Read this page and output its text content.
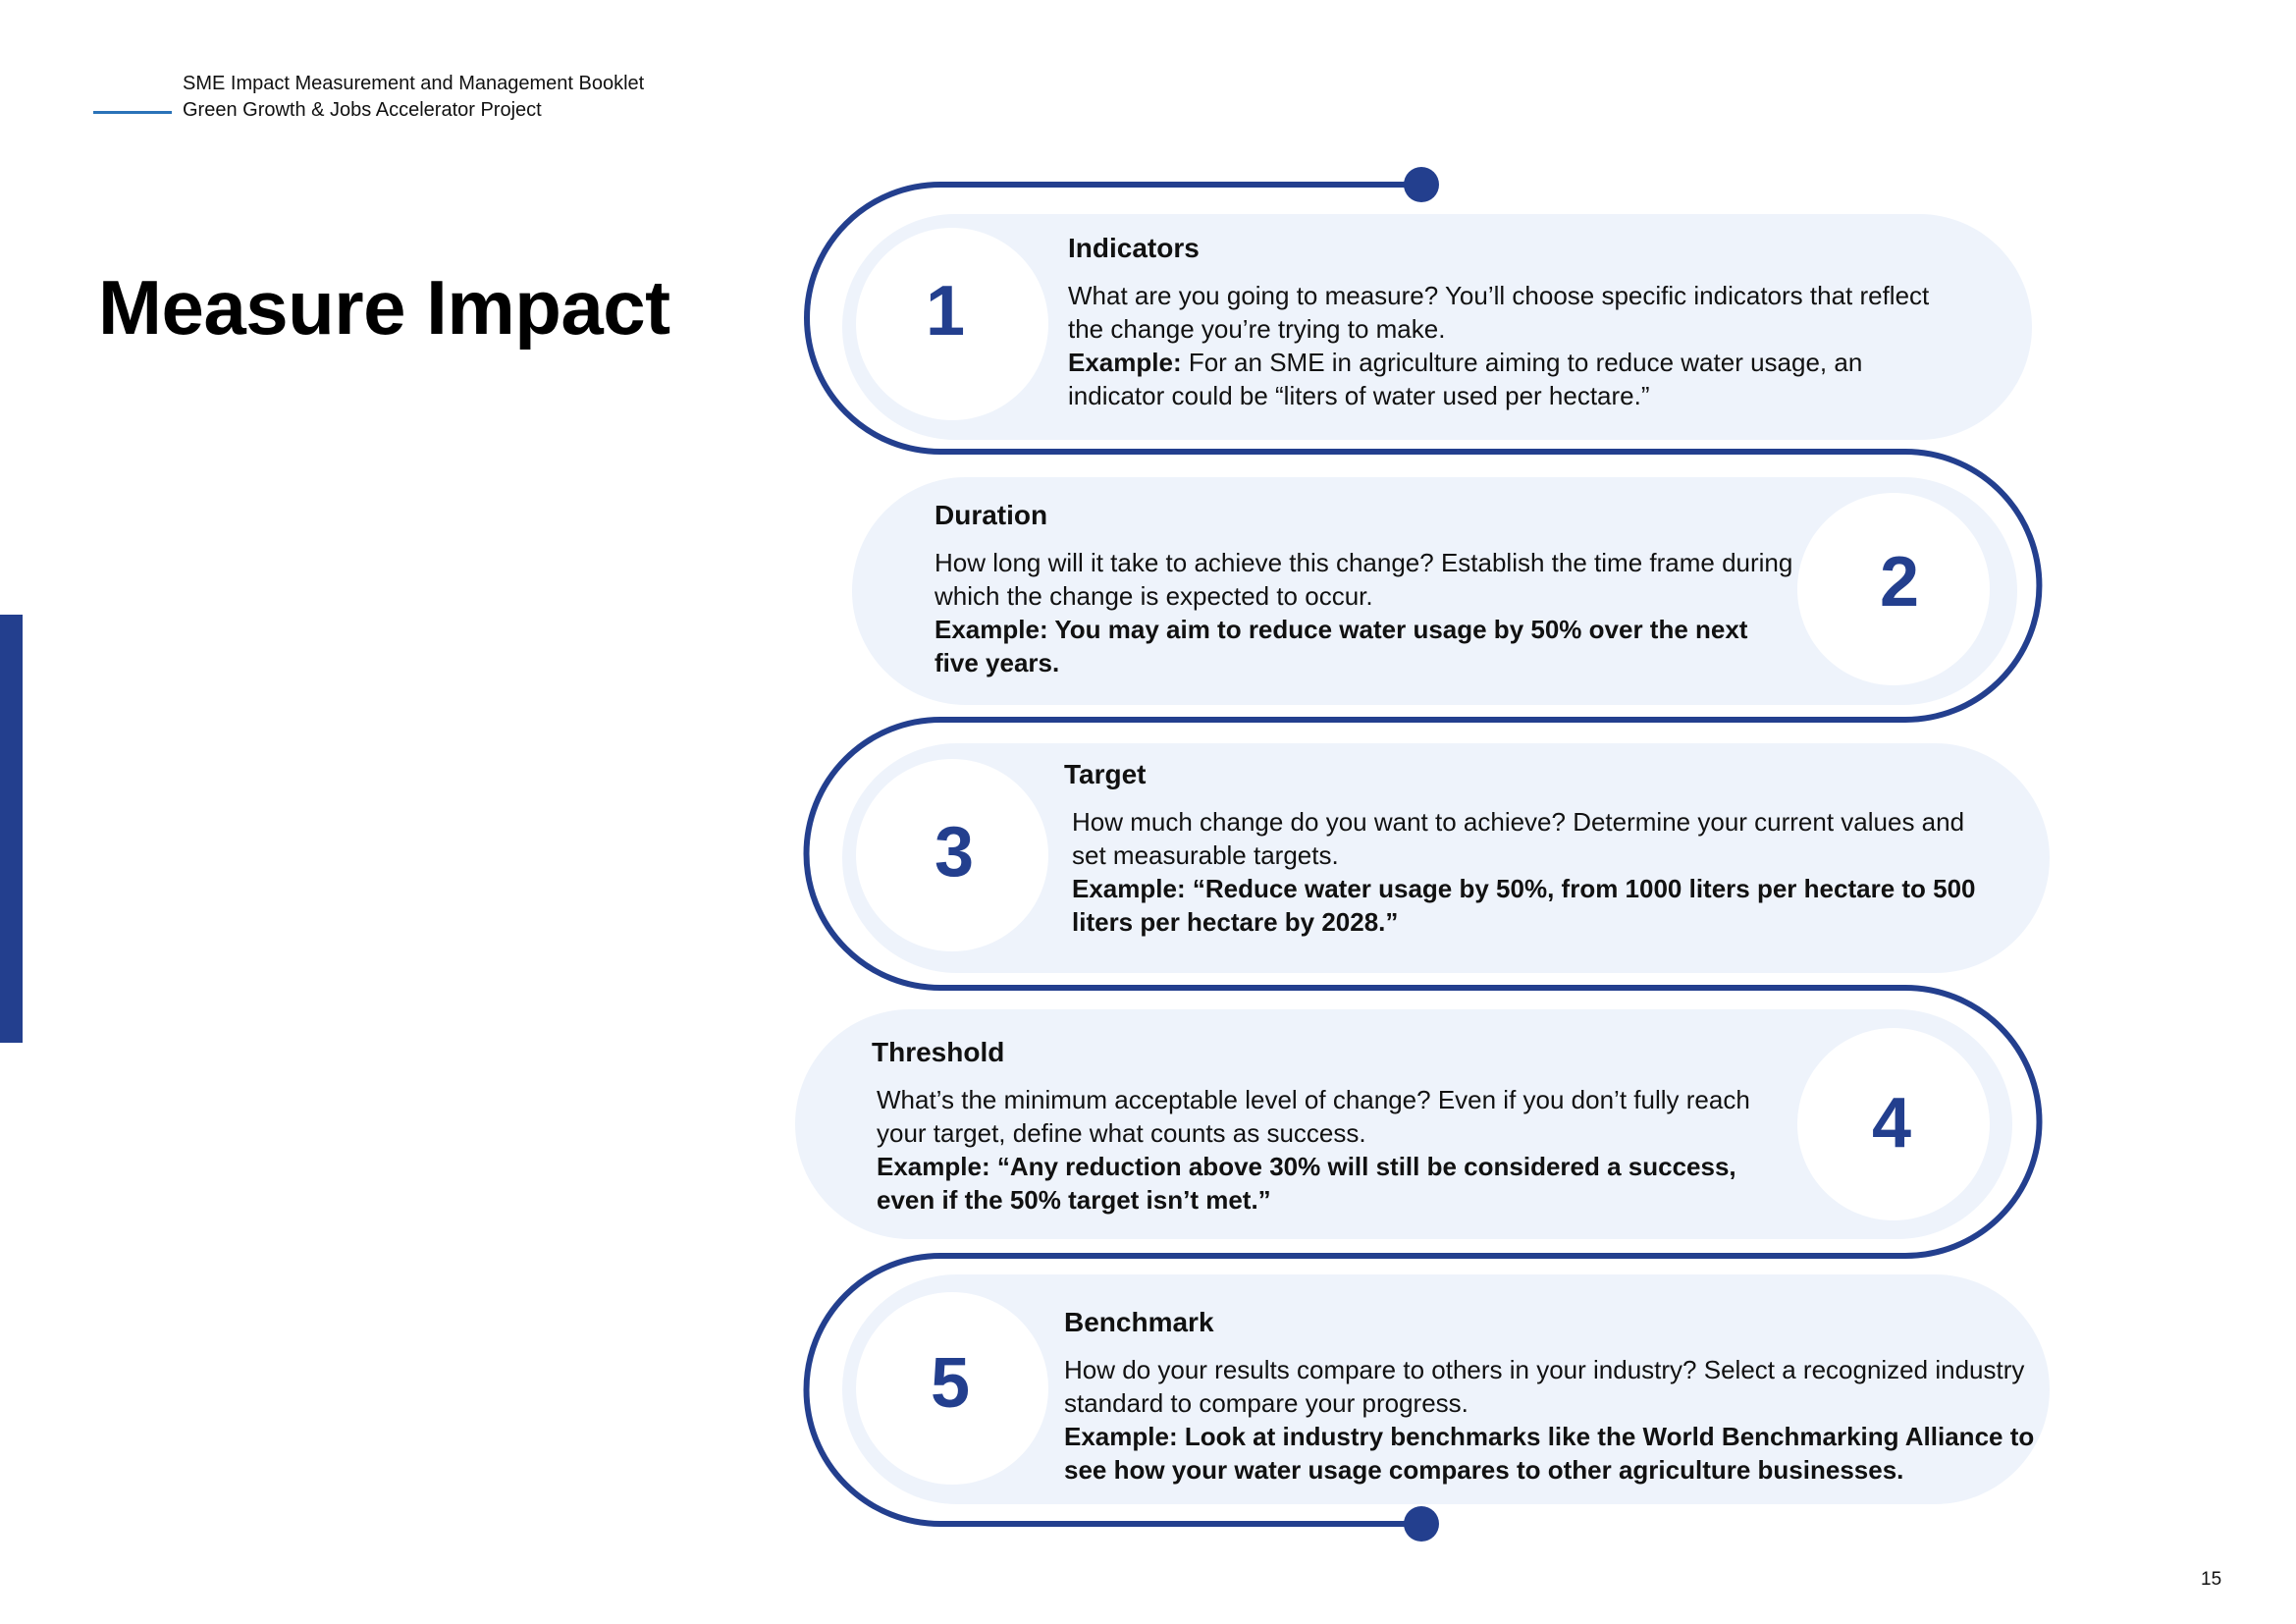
SME Impact Measurement and Management Booklet
Green Growth & Jobs Accelerator Project
Measure Impact	1
2
3
4
5
Indicators
What are you going to measure? You’ll choose specific indicators that reflect the change you’re trying to make.
Example: For an SME in agriculture aiming to reduce water usage, an indicator could be “liters of water used per hectare.”
Duration
How long will it take to achieve this change? Establish the time frame during which the change is expected to occur.
Example: You may aim to reduce water usage by 50% over the next five years.
Target
How much change do you want to achieve? Determine your current values and set measurable targets.
Example: “Reduce water usage by 50%, from 1000 liters per hectare to 500 liters per hectare by 2028.”
Threshold
What’s the minimum acceptable level of change? Even if you don’t fully reach your target, define what counts as success.
Example: “Any reduction above 30% will still be considered a success, even if the 50% target isn’t met.”
Benchmark
How do your results compare to others in your industry? Select a recognized industry standard to compare your progress.
Example: Look at industry benchmarks like the World Benchmarking Alliance to see how your water usage compares to other agriculture businesses.
15
